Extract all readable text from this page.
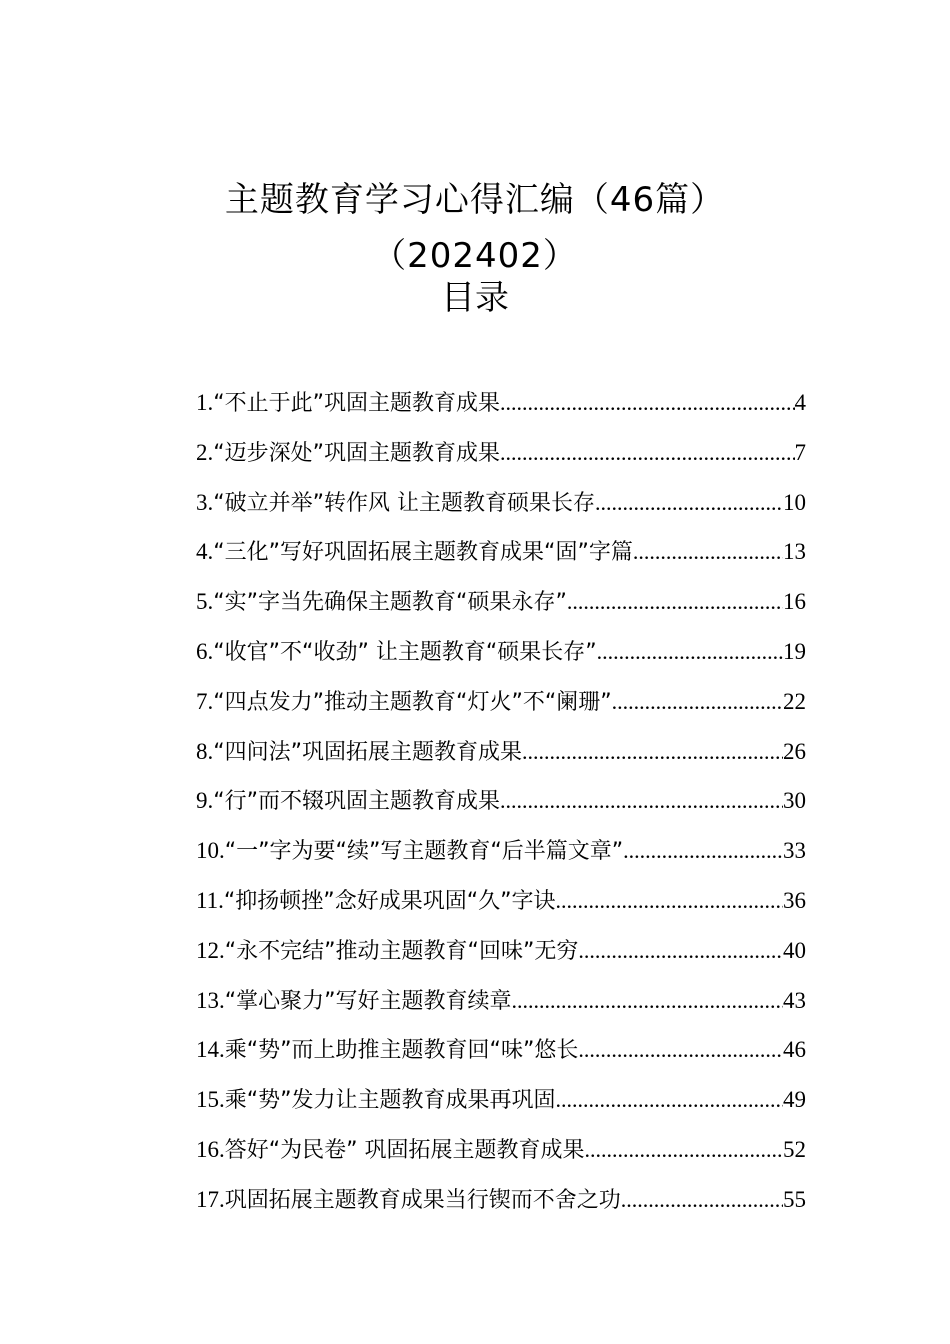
主题教育学习心得汇编（46篇）（202402）
目录
1. “不止于此”巩固主题教育成果 .....	4
2. “迈步深处”巩固主题教育成果 .....	7
3. “破立并举”转作风 让主题教育硕果长存 .....	10
4. “三化”写好巩固拓展主题教育成果“固”字篇 .....	13
5. “实”字当先确保主题教育“硕果永存” .....	16
6. “收官”不“收劲” 让主题教育“硕果长存” .....	19
7. “四点发力”推动主题教育“灯火”不“阑珊” .....	22
8. “四问法”巩固拓展主题教育成果 .....	26
9. “行”而不辍巩固主题教育成果 .....	30
10. “一”字为要“续”写主题教育“后半篇文章” .....	33
11. “抑扬顿挫”念好成果巩固“久”字诀 .....	36
12. “永不完结”推动主题教育“回味”无穷 .....	40
13. “掌心聚力”写好主题教育续章 .....	43
14. 乘“势”而上助推主题教育回“味”悠长 .....	46
15. 乘“势”发力让主题教育成果再巩固 .....	49
16. 答好“为民卷” 巩固拓展主题教育成果 .....	52
17. 巩固拓展主题教育成果当行锲而不舍之功 .....	55
